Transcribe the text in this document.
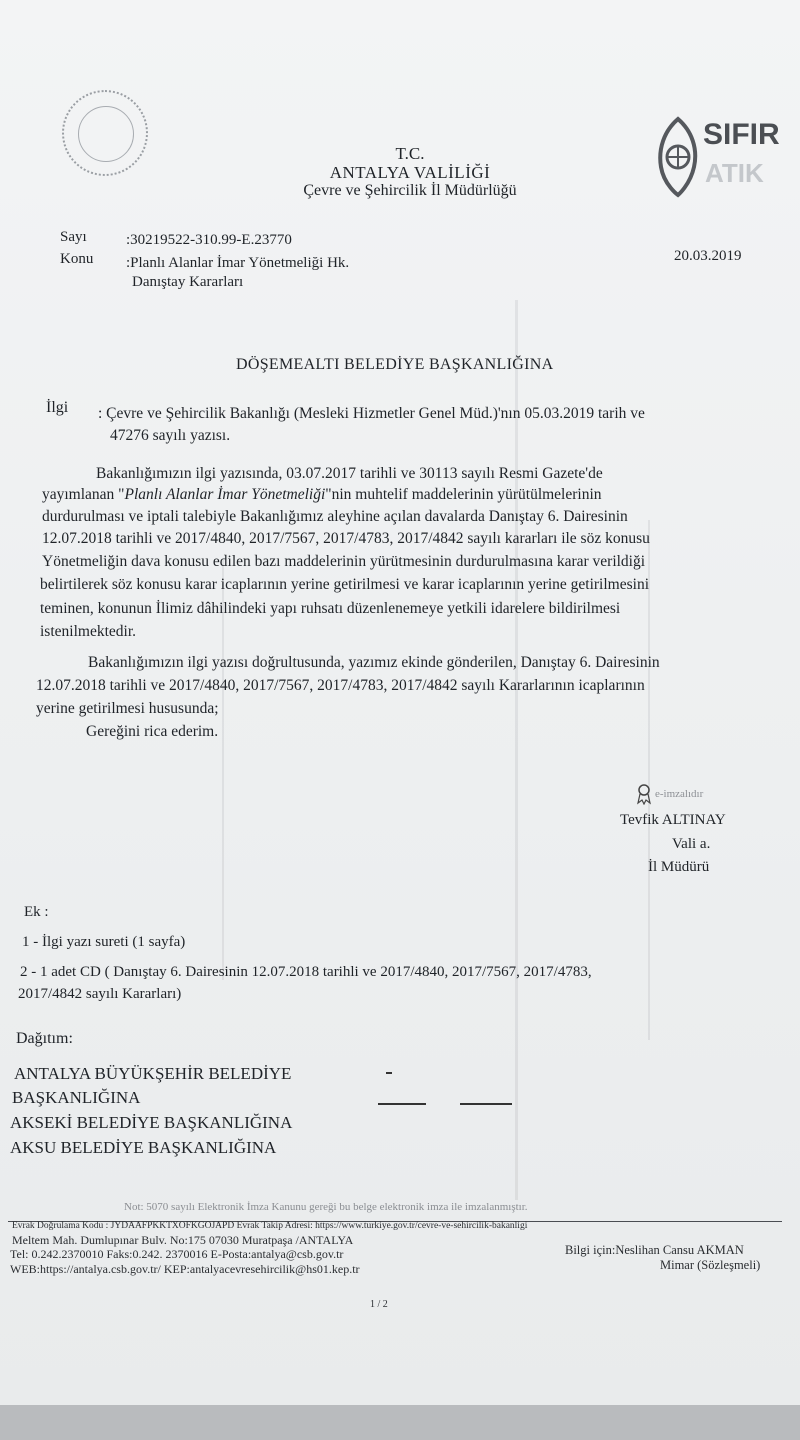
SIFIR
ATIK
T.C.
ANTALYA VALİLİĞİ
Çevre ve Şehircilik İl Müdürlüğü
Sayı	:30219522-310.99-E.23770
Konu :Planlı Alanlar İmar Yönetmeliği Hk.
Danıştay Kararları
20.03.2019
DÖŞEMEALTI BELEDİYE BAŞKANLIĞINA
İlgi : Çevre ve Şehircilik Bakanlığı (Mesleki Hizmetler Genel Müd.)'nın 05.03.2019 tarih ve
47276 sayılı yazısı.
Bakanlığımızın ilgi yazısında, 03.07.2017 tarihli ve 30113 sayılı Resmi Gazete'de
yayımlanan "Planlı Alanlar İmar Yönetmeliği"nin muhtelif maddelerinin yürütülmelerinin
durdurulması ve iptali talebiyle Bakanlığımız aleyhine açılan davalarda Danıştay 6. Dairesinin
12.07.2018 tarihli ve 2017/4840, 2017/7567, 2017/4783, 2017/4842 sayılı kararları ile söz konusu
Yönetmeliğin dava konusu edilen bazı maddelerinin yürütmesinin durdurulmasına karar verildiği
belirtilerek söz konusu karar icaplarının yerine getirilmesi ve karar icaplarının yerine getirilmesini
teminen, konunun İlimiz dâhilindeki yapı ruhsatı düzenlenemeye yetkili idarelere bildirilmesi
istenilmektedir.
Bakanlığımızın ilgi yazısı doğrultusunda, yazımız ekinde gönderilen, Danıştay 6. Dairesinin
12.07.2018 tarihli ve 2017/4840, 2017/7567, 2017/4783, 2017/4842 sayılı Kararlarının icaplarının
yerine getirilmesi hususunda;
Gereğini rica ederim.
e-imzalıdır
Tevfik ALTINAY
Vali a.
İl Müdürü
Ek :
1 - İlgi yazı sureti (1 sayfa)
2 - 1 adet CD ( Danıştay 6. Dairesinin 12.07.2018 tarihli ve 2017/4840, 2017/7567, 2017/4783,
2017/4842 sayılı Kararları)
Dağıtım:
ANTALYA BÜYÜKŞEHİR BELEDİYE
BAŞKANLIĞINA
AKSEKİ BELEDİYE BAŞKANLIĞINA
AKSU BELEDİYE BAŞKANLIĞINA
Not: 5070 sayılı Elektronik İmza Kanunu gereği bu belge elektronik imza ile imzalanmıştır.
Evrak Doğrulama Kodu : JYDAAFPKKTXOFKGOJAPD Evrak Takip Adresi: https://www.turkiye.gov.tr/cevre-ve-sehircilik-bakanligi
Meltem Mah. Dumlupınar Bulv. No:175 07030 Muratpaşa /ANTALYA
Tel: 0.242.2370010 Faks:0.242. 2370016 E-Posta:antalya@csb.gov.tr
WEB:https://antalya.csb.gov.tr/ KEP:antalyacevresehircilik@hs01.kep.tr
Bilgi için:Neslihan Cansu AKMAN
Mimar (Sözleşmeli)
1 / 2
